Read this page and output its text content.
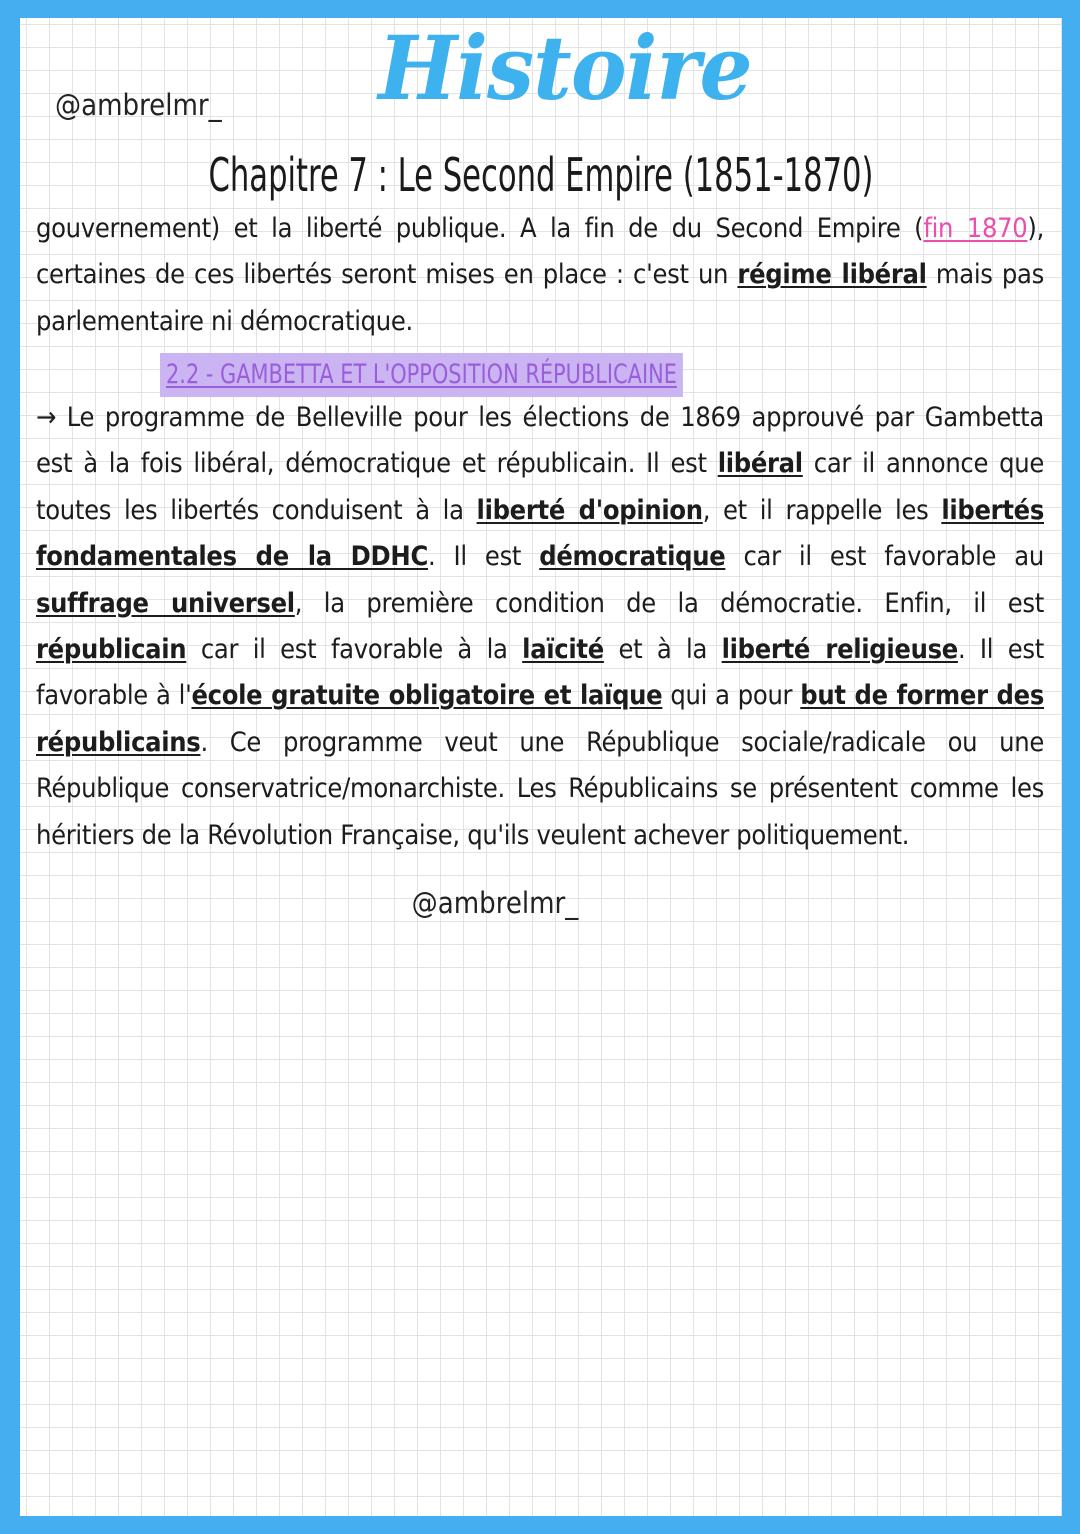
@ambrelmr_ Histoire
Chapitre 7 : Le Second Empire (1851-1870)
gouvernement) et la liberté publique. A la fin de du Second Empire (fin 1870), certaines de ces libertés seront mises en place : c'est un régime libéral mais pas parlementaire ni démocratique.
2.2 - GAMBETTA ET L'OPPOSITION RÉPUBLICAINE
→ Le programme de Belleville pour les élections de 1869 approuvé par Gambetta est à la fois libéral, démocratique et républicain. Il est libéral car il annonce que toutes les libertés conduisent à la liberté d'opinion, et il rappelle les libertés fondamentales de la DDHC. Il est démocratique car il est favorable au suffrage universel, la première condition de la démocratie. Enfin, il est républicain car il est favorable à la laïcité et à la liberté religieuse. Il est favorable à l'école gratuite obligatoire et laïque qui a pour but de former des républicains. Ce programme veut une République sociale/radicale ou une République conservatrice/monarchiste. Les Républicains se présentent comme les héritiers de la Révolution Française, qu'ils veulent achever politiquement.
@ambrelmr_
